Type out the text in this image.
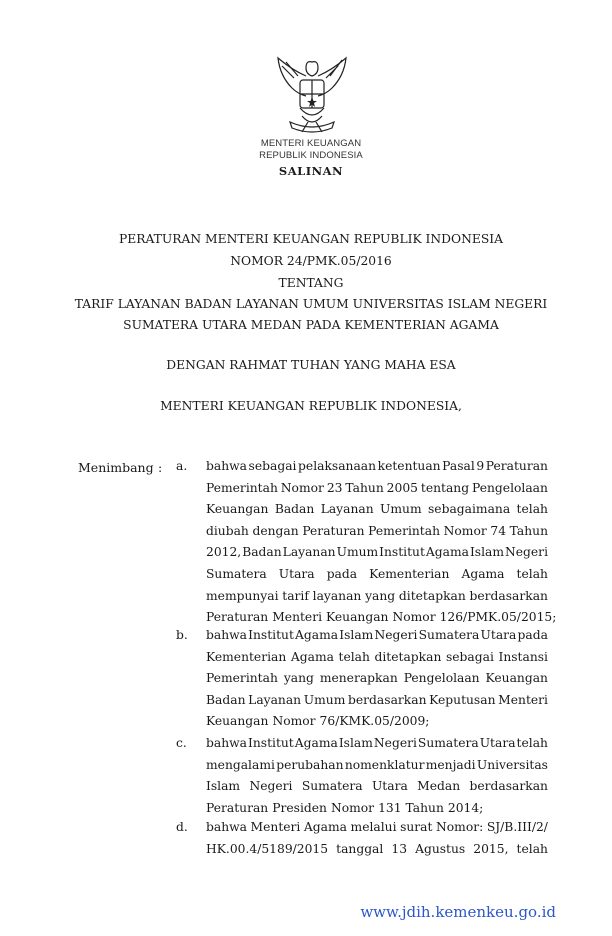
MENTERI KEUANGAN
REPUBLIK INDONESIA
SALINAN
PERATURAN MENTERI KEUANGAN REPUBLIK INDONESIA
NOMOR 24/PMK.05/2016
TENTANG
TARIF LAYANAN BADAN LAYANAN UMUM UNIVERSITAS ISLAM NEGERI
SUMATERA UTARA MEDAN PADA KEMENTERIAN AGAMA
DENGAN RAHMAT TUHAN YANG MAHA ESA
MENTERI KEUANGAN REPUBLIK INDONESIA,
Menimbang : a. bahwa sebagai pelaksanaan ketentuan Pasal 9 Peraturan
Pemerintah Nomor 23 Tahun 2005 tentang Pengelolaan
Keuangan Badan Layanan Umum sebagaimana telah
diubah dengan Peraturan Pemerintah Nomor 74 Tahun
2012, Badan Layanan Umum Institut Agama Islam Negeri
Sumatera Utara pada Kementerian Agama telah
mempunyai tarif layanan yang ditetapkan berdasarkan
Peraturan Menteri Keuangan Nomor 126/PMK.05/2015;
b. bahwa Institut Agama Islam Negeri Sumatera Utara pada
Kementerian Agama telah ditetapkan sebagai Instansi
Pemerintah yang menerapkan Pengelolaan Keuangan
Badan Layanan Umum berdasarkan Keputusan Menteri
Keuangan Nomor 76/KMK.05/2009;
c. bahwa Institut Agama Islam Negeri Sumatera Utara telah
mengalami perubahan nomenklatur menjadi Universitas
Islam Negeri Sumatera Utara Medan berdasarkan
Peraturan Presiden Nomor 131 Tahun 2014;
d. bahwa Menteri Agama melalui surat Nomor: SJ/B.III/2/
HK.00.4/5189/2015 tanggal 13 Agustus 2015, telah
www.jdih.kemenkeu.go.id
